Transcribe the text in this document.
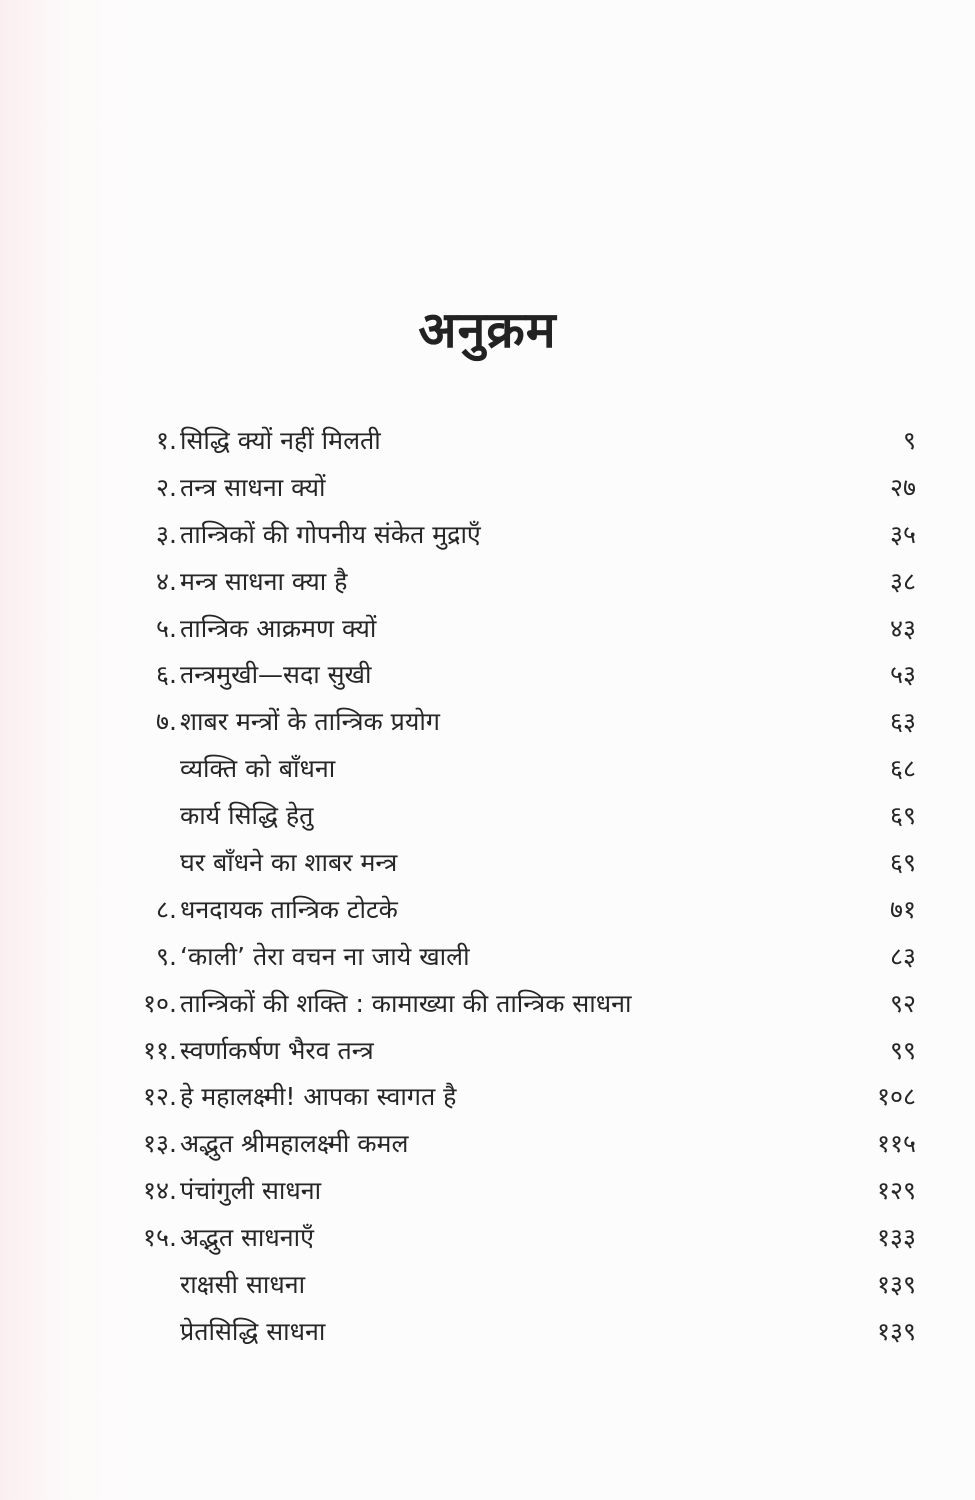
अनुक्रम
१. सिद्धि क्यों नहीं मिलती	९
२. तन्त्र साधना क्यों	२७
३. तान्त्रिकों की गोपनीय संकेत मुद्राएँ	३५
४. मन्त्र साधना क्या है	३८
५. तान्त्रिक आक्रमण क्यों	४३
६. तन्त्रमुखी—सदा सुखी	५३
७. शाबर मन्त्रों के तान्त्रिक प्रयोग	६३
व्यक्ति को बाँधना	६८
कार्य सिद्धि हेतु	६९
घर बाँधने का शाबर मन्त्र	६९
८. धनदायक तान्त्रिक टोटके	७१
९. ‘काली’ तेरा वचन ना जाये खाली	८३
१०. तान्त्रिकों की शक्ति : कामाख्या की तान्त्रिक साधना	९२
११. स्वर्णाकर्षण भैरव तन्त्र	९९
१२. हे महालक्ष्मी! आपका स्वागत है	१०८
१३. अद्भुत श्रीमहालक्ष्मी कमल	११५
१४. पंचांगुली साधना	१२९
१५. अद्भुत साधनाएँ	१३३
राक्षसी साधना	१३९
प्रेतसिद्धि साधना	१३९
